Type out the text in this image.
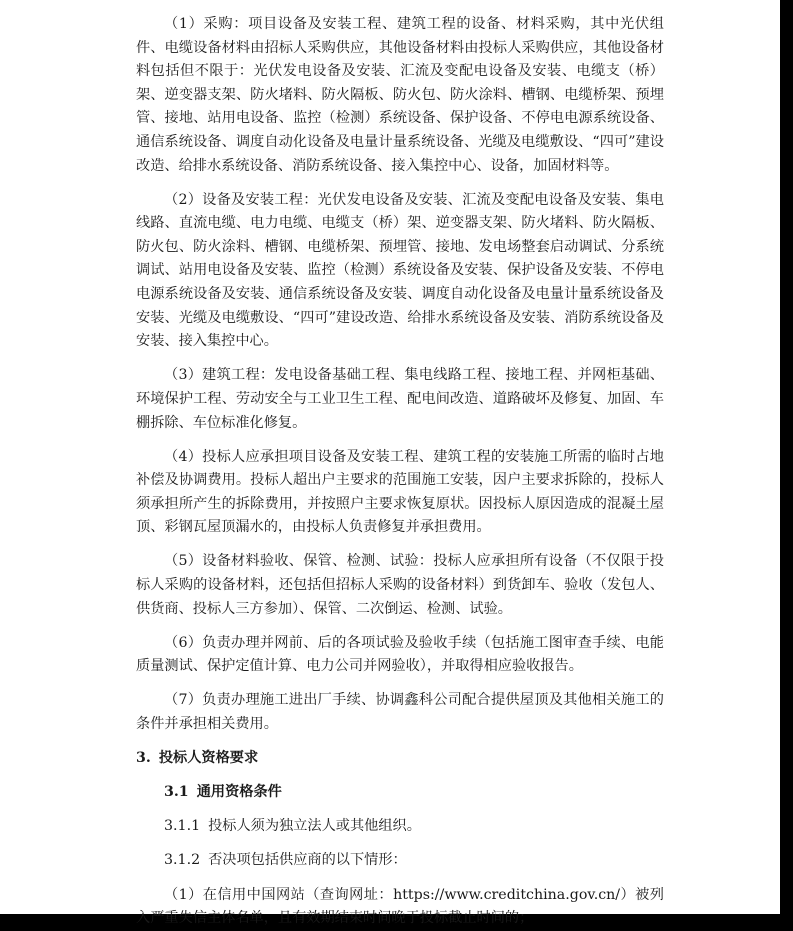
（1）采购：项目设备及安装工程、建筑工程的设备、材料采购，其中光伏组件、电缆设备材料由招标人采购供应，其他设备材料由投标人采购供应，其他设备材料包括但不限于：光伏发电设备及安装、汇流及变配电设备及安装、电缆支（桥）架、逆变器支架、防火堵料、防火隔板、防火包、防火涂料、槽钢、电缆桥架、预埋管、接地、站用电设备、监控（检测）系统设备、保护设备、不停电电源系统设备、通信系统设备、调度自动化设备及电量计量系统设备、光缆及电缆敷设、“四可”建设改造、给排水系统设备、消防系统设备、接入集控中心、设备，加固材料等。

（2）设备及安装工程：光伏发电设备及安装、汇流及变配电设备及安装、集电线路、直流电缆、电力电缆、电缆支（桥）架、逆变器支架、防火堵料、防火隔板、防火包、防火涂料、槽钢、电缆桥架、预埋管、接地、发电场整套启动调试、分系统调试、站用电设备及安装、监控（检测）系统设备及安装、保护设备及安装、不停电电源系统设备及安装、通信系统设备及安装、调度自动化设备及电量计量系统设备及安装、光缆及电缆敷设、“四可”建设改造、给排水系统设备及安装、消防系统设备及安装、接入集控中心。

（3）建筑工程：发电设备基础工程、集电线路工程、接地工程、并网柜基础、环境保护工程、劳动安全与工业卫生工程、配电间改造、道路破坏及修复、加固、车棚拆除、车位标准化修复。

（4）投标人应承担项目设备及安装工程、建筑工程的安装施工所需的临时占地补偿及协调费用。投标人超出户主要求的范围施工安装，因户主要求拆除的，投标人须承担所产生的拆除费用，并按照户主要求恢复原状。因投标人原因造成的混凝土屋顶、彩钢瓦屋顶漏水的，由投标人负责修复并承担费用。

（5）设备材料验收、保管、检测、试验：投标人应承担所有设备（不仅限于投标人采购的设备材料，还包括但招标人采购的设备材料）到货卸车、验收（发包人、供货商、投标人三方参加）、保管、二次倒运、检测、试验。

（6）负责办理并网前、后的各项试验及验收手续（包括施工图审查手续、电能质量测试、保护定值计算、电力公司并网验收），并取得相应验收报告。

（7）负责办理施工进出厂手续、协调鑫科公司配合提供屋顶及其他相关施工的条件并承担相关费用。

3. 投标人资格要求
3.1 通用资格条件
3.1.1 投标人须为独立法人或其他组织。
3.1.2 否决项包括供应商的以下情形：

（1）在信用中国网站（查询网址：https://www.creditchina.gov.cn/）被列入严重失信主体名单，且有效期结束时间晚于投标截止时间的；
